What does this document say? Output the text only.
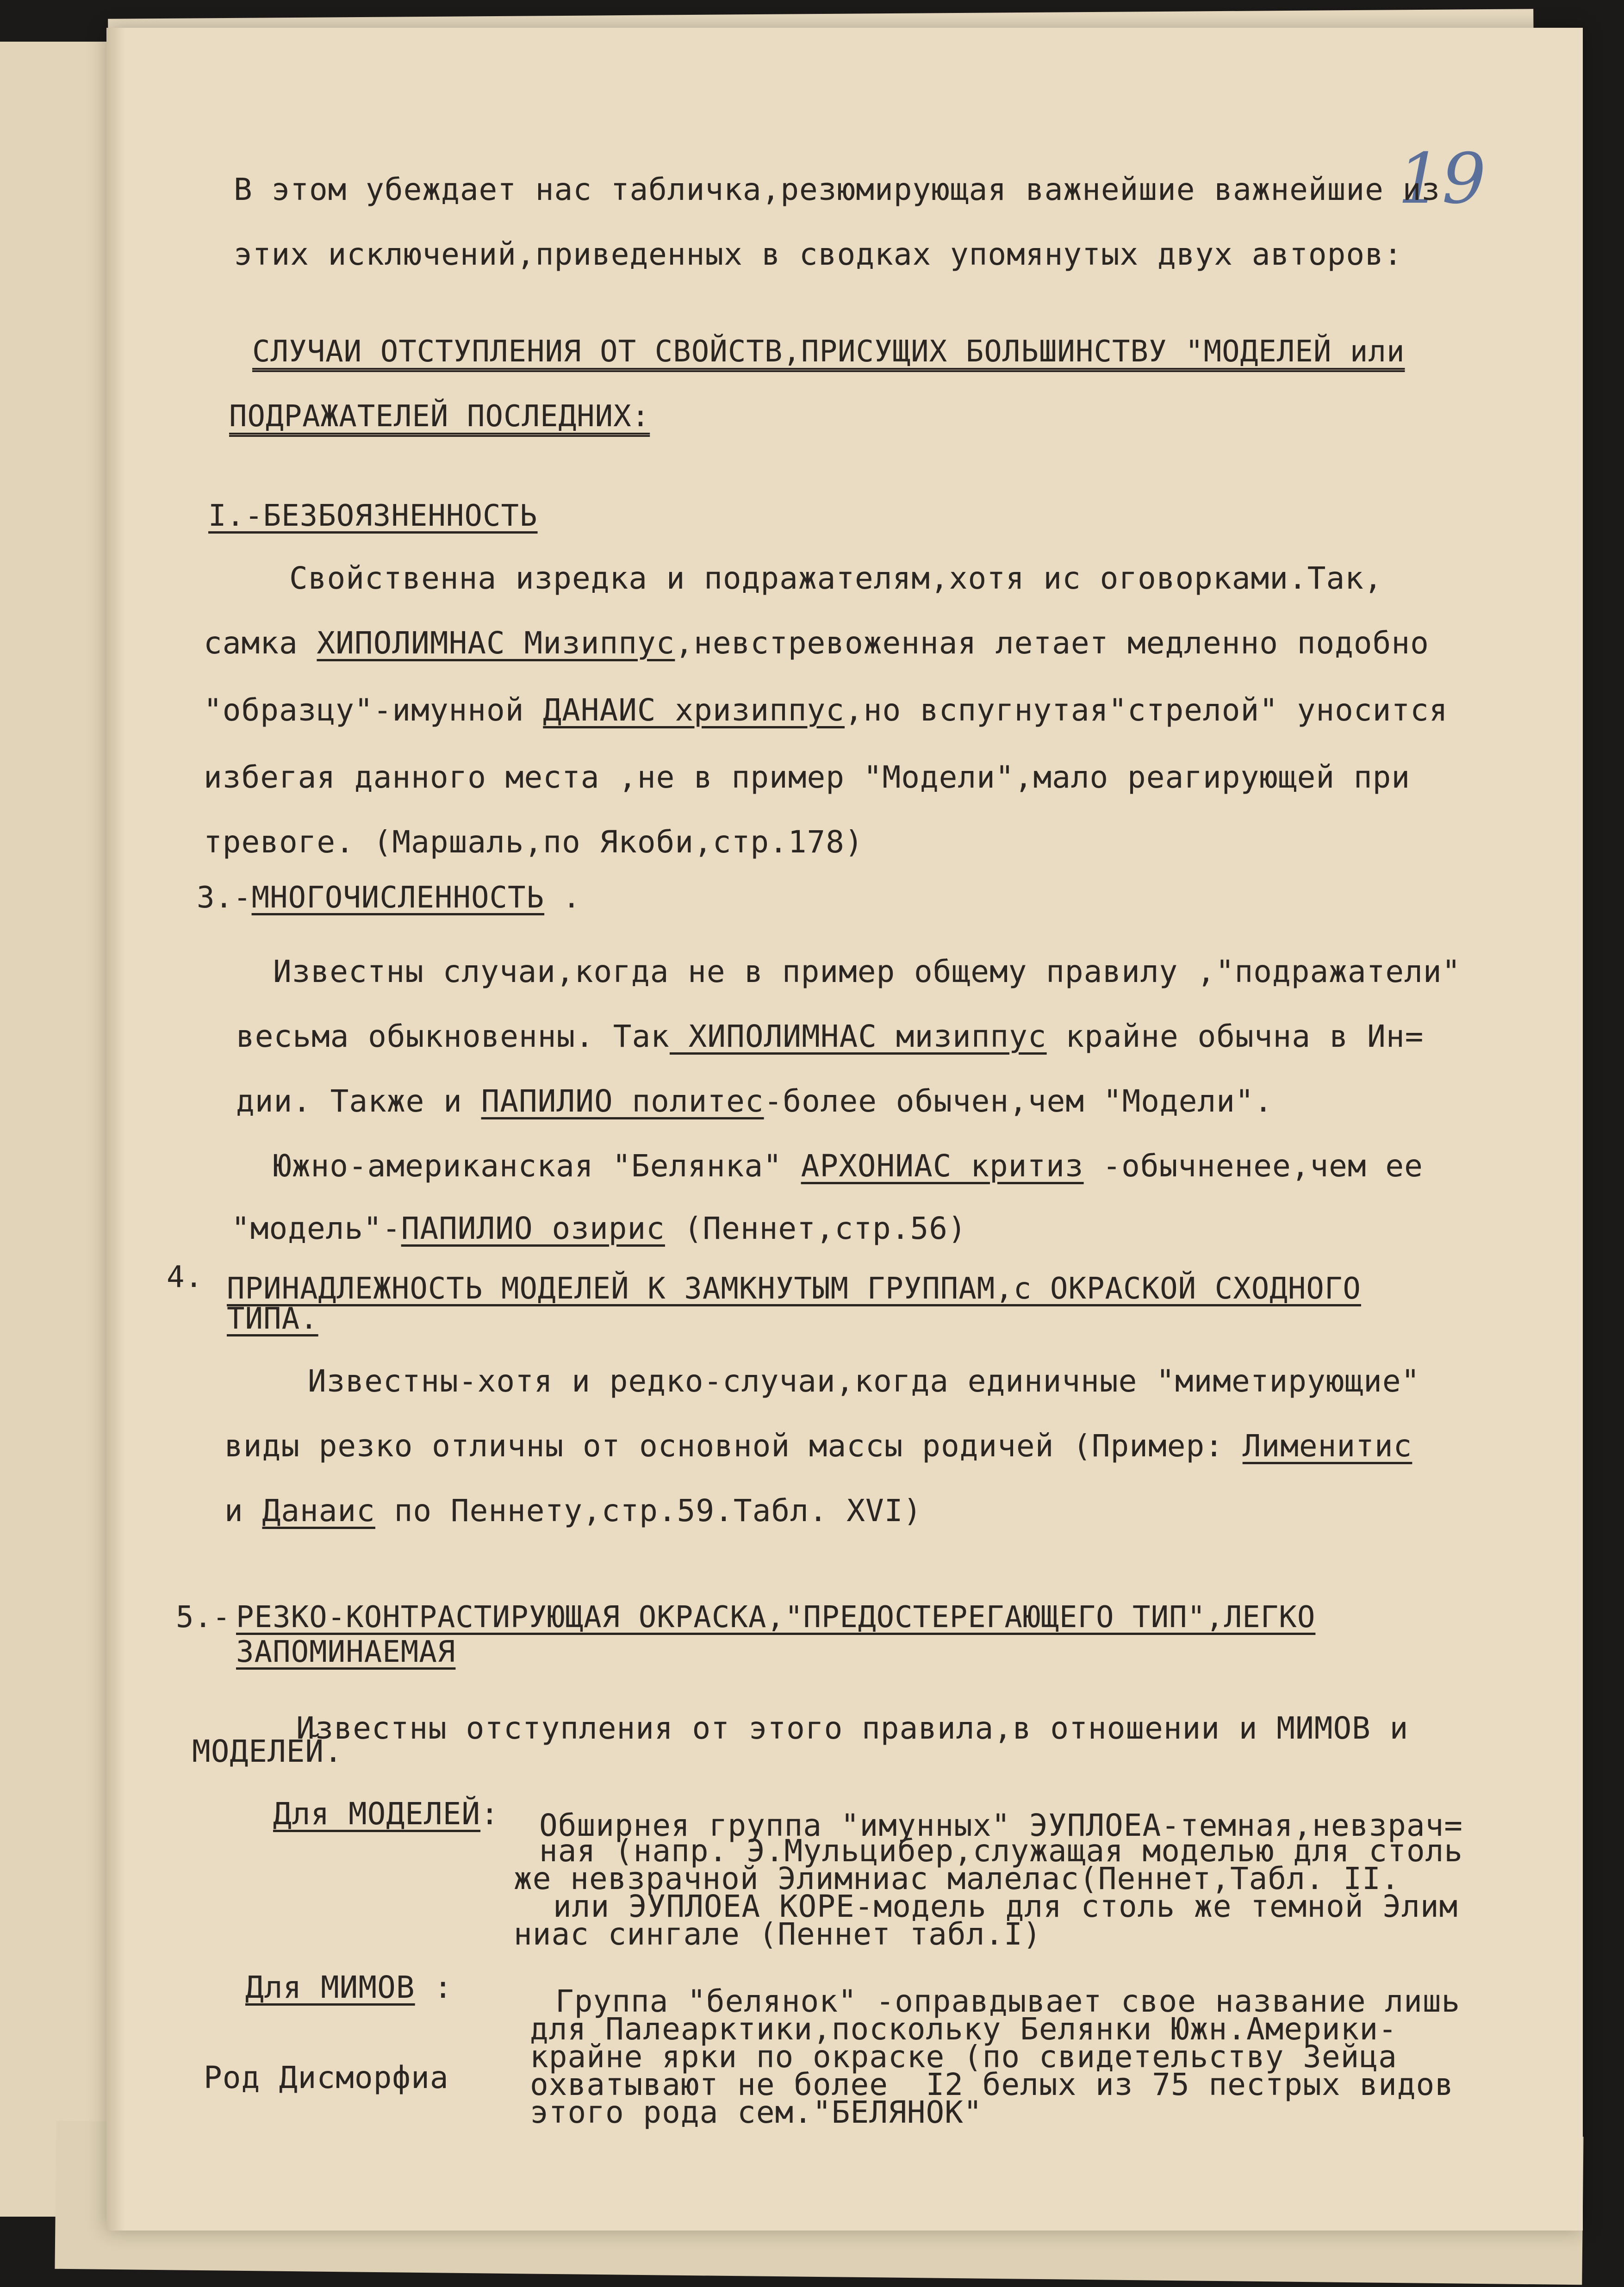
19
В этом убеждает нас табличка,резюмирующая важнейшие важнейшие из
этих исключений,приведенных в сводках упомянутых двух авторов:
СЛУЧАИ ОТСТУПЛЕНИЯ ОТ СВОЙСТВ,ПРИСУЩИХ БОЛЬШИНСТВУ "МОДЕЛЕЙ или
ПОДРАЖАТЕЛЕЙ ПОСЛЕДНИХ:
I.-БЕЗБОЯЗНЕННОСТЬ
Свойственна изредка и подражателям,хотя ис оговорками.Так,
самка ХИПОЛИМНАС Мизиппус,невстревоженная летает медленно подобно
"образцу"-имунной ДАНАИС хризиппус,но вспугнутая"стрелой" уносится
избегая данного места ,не в пример "Модели",мало реагирующей при
тревоге. (Маршаль,по Якоби,стр.178)
3.-МНОГОЧИСЛЕННОСТЬ .
Известны случаи,когда не в пример общему правилу ,"подражатели"
весьма обыкновенны. Так ХИПОЛИМНАС мизиппус крайне обычна в Ин=
дии. Также и ПАПИЛИО политес-более обычен,чем "Модели".
Южно-американская "Белянка" АРХОНИАС критиз -обычненее,чем ее
"модель"-ПАПИЛИО озирис (Пеннет,стр.56)
4. ПРИНАДЛЕЖНОСТЬ МОДЕЛЕЙ К ЗАМКНУТЫМ ГРУППАМ,с ОКРАСКОЙ СХОДНОГО
ТИПА.
Известны-хотя и редко-случаи,когда единичные "миметирующие"
виды резко отличны от основной массы родичей (Пример: Лименитис
и Данаис по Пеннету,стр.59.Табл. XVI)
5.- РЕЗКО-КОНТРАСТИРУЮЩАЯ ОКРАСКА,"ПРЕДОСТЕРЕГАЮЩЕГО ТИП",ЛЕГКО
ЗАПОМИНАЕМАЯ
Известны отступления от этого правила,в отношении и МИМОВ и
МОДЕЛЕЙ.
Для МОДЕЛЕЙ: Обширнея группа "имунных" ЭУПЛОЕА-темная,невзрач=
ная (напр. Э.Мульцибер,служащая моделью для столь
же невзрачной Элимниас малелас(Пеннет,Табл. II.
или ЭУПЛОЕА КОРЕ-модель для столь же темной Элим
ниас сингале (Пеннет табл.I)
Для МИМОВ :	Группа "белянок" -оправдывает свое название лишь
для Палеарктики,поскольку Белянки Южн.Америки-
Род Дисморфиа
крайне ярки по окраске (по свидетельству Зейца
охватывают не более  I2 белых из 75 пестрых видов
этого рода сем."БЕЛЯНОК"
